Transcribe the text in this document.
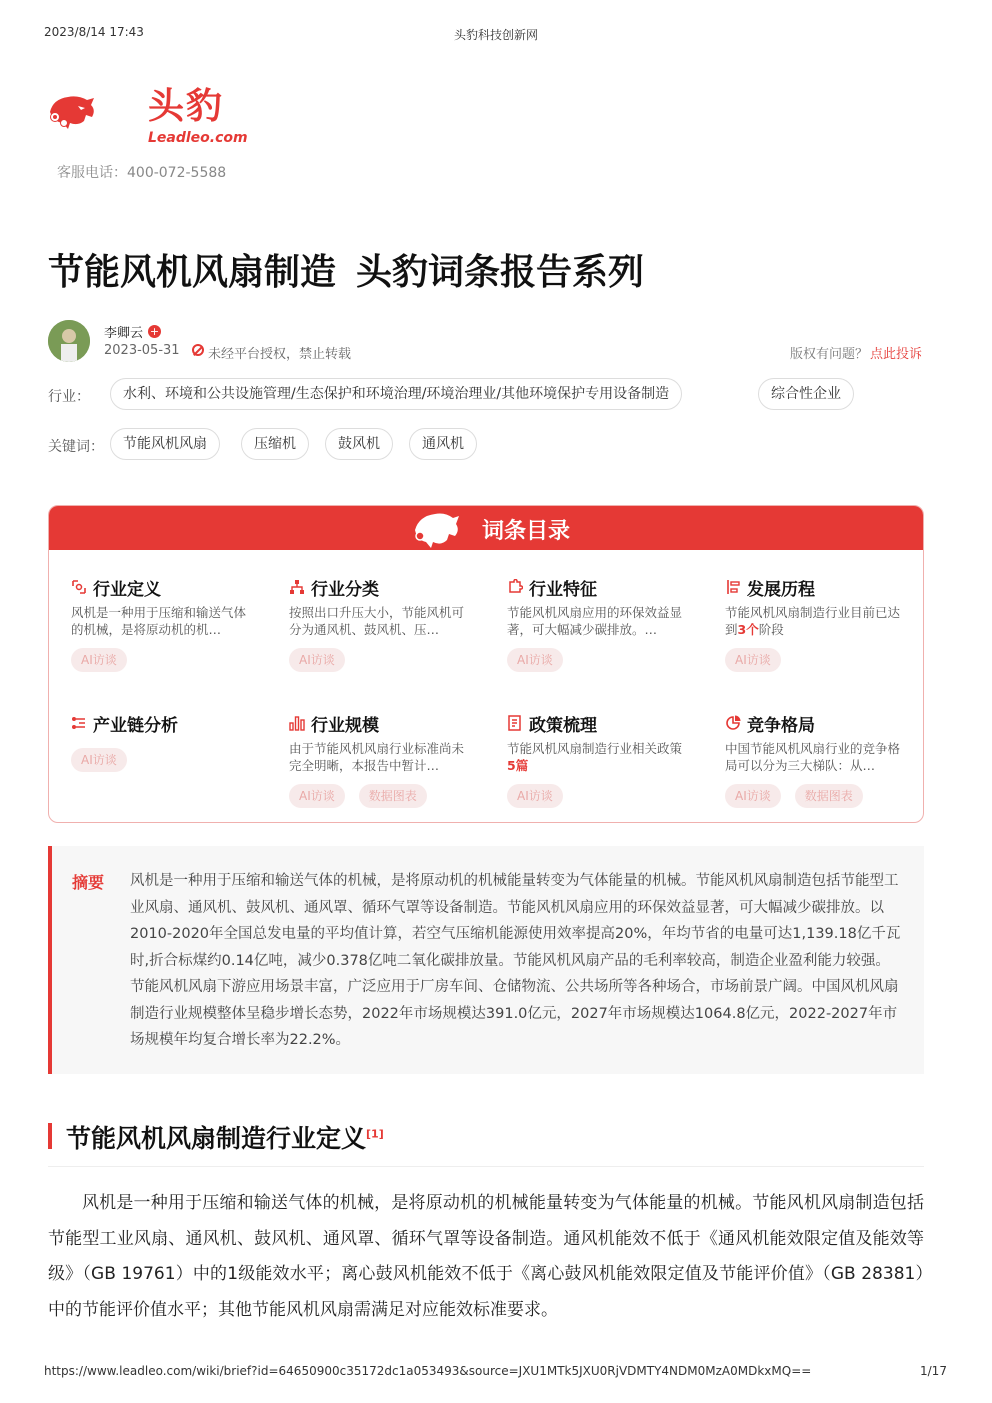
2023/8/14 17:43	头豹科技创新网
头豹
Leadleo.com
客服电话：400-072-5588
节能风机风扇制造 头豹词条报告系列
李卿云 +
2023-05-31 未经平台授权，禁止转载	版权有问题？ 点此投诉
行业：	水利、环境和公共设施管理/生态保护和环境治理/环境治理业/其他环境保护专用设备制造	综合性企业
关键词：	节能风机风扇	压缩机	鼓风机	通风机
词条目录
行业定义
风机是一种用于压缩和输送气体的机械，是将原动机的机…
AI访谈
行业分类
按照出口升压大小，节能风机可分为通风机、鼓风机、压…
AI访谈
行业特征
节能风机风扇应用的环保效益显著，可大幅减少碳排放。…
AI访谈
发展历程
节能风机风扇制造行业目前已达到3个阶段
AI访谈
产业链分析
AI访谈
行业规模
由于节能风机风扇行业标准尚未完全明晰，本报告中暂计…
AI访谈	数据图表
政策梳理
节能风机风扇制造行业相关政策5篇
AI访谈
竞争格局
中国节能风机风扇行业的竞争格局可以分为三大梯队：从…
AI访谈	数据图表
摘要 风机是一种用于压缩和输送气体的机械，是将原动机的机械能量转变为气体能量的机械。节能风机风扇制造包括节能型工业风扇、通风机、鼓风机、通风罩、循环气罩等设备制造。节能风机风扇应用的环保效益显著，可大幅减少碳排放。以2010-2020年全国总发电量的平均值计算，若空气压缩机能源使用效率提高20%，年均节省的电量可达1,139.18亿千瓦时,折合标煤约0.14亿吨，减少0.378亿吨二氧化碳排放量。节能风机风扇产品的毛利率较高，制造企业盈利能力较强。节能风机风扇下游应用场景丰富，广泛应用于厂房车间、仓储物流、公共场所等各种场合，市场前景广阔。中国风机风扇制造行业规模整体呈稳步增长态势，2022年市场规模达391.0亿元，2027年市场规模达1064.8亿元，2022-2027年市场规模年均复合增长率为22.2%。
节能风机风扇制造行业定义[1]
风机是一种用于压缩和输送气体的机械，是将原动机的机械能量转变为气体能量的机械。节能风机风扇制造包括节能型工业风扇、通风机、鼓风机、通风罩、循环气罩等设备制造。通风机能效不低于《通风机能效限定值及能效等级》（GB 19761）中的1级能效水平；离心鼓风机能效不低于《离心鼓风机能效限定值及节能评价值》（GB 28381）中的节能评价值水平；其他节能风机风扇需满足对应能效标准要求。
https://www.leadleo.com/wiki/brief?id=64650900c35172dc1a053493&source=JXU1MTk5JXU0RjVDMTY4NDM0MzA0MDkxMQ==	1/17
